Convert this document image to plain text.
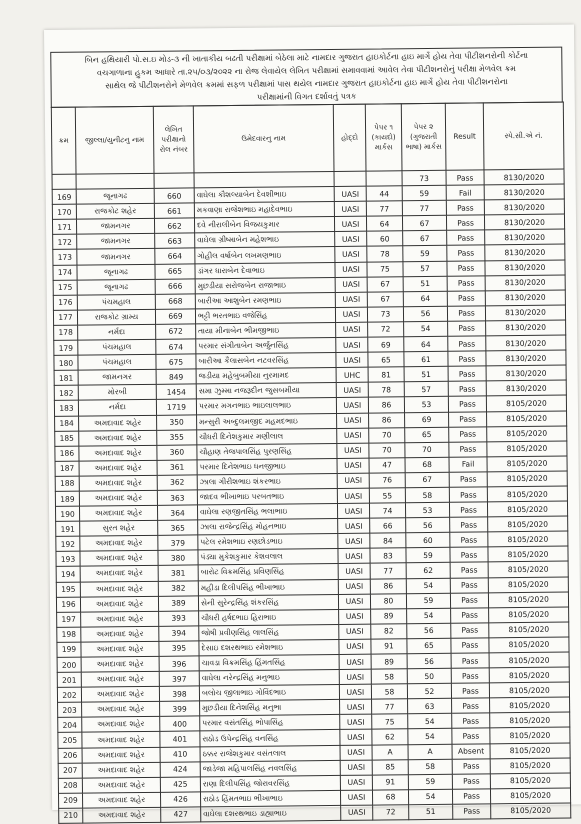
બિન હથિયારી પો.સ.ઇ મોડ-૩ ની ખાતાકીય બઢતી પરીક્ષામાં બેઠેલા માટે નામદાર ગુજરાત હાઇકોર્ટના હાઇ માર્ગે હોય તેવા પીટીશનરોની કોર્ટના
વચગાળાના હુકમ આધારે તા.૨૫/૦૩/૨૦૨૨ ના રોજ લેવાયેલ લેખિત પરીક્ષામાં સમાવવામાં આવેલ તેવા પીટીશનરોનું પરીક્ષા મેળવેલ ક્રમ
સાથેલ જે પીટીશનરોને મેળવેલ ક્રમમાં સફળ પરીક્ષામાં પાસ થયેલ નામદાર ગુજરાત હાઇકોર્ટના હાઇ માર્ગે હોય તેવા પીટીશનરોના
પરીક્ષામાંની વિગત દર્શાવતું પત્રક
ક્રમ	જીલ્લા/યુનીટનુ નામ	લેખિત પરીક્ષાનો રોલ નંબર	ઉમેદવારનુ નામ	હોદ્દો	પેપર ૧ (કાયદો) માર્કસ	પેપર ૨ (ગુજરાતી ભાષા) માર્કસ	Result	સ્પે.સી.એ નં.
						73	Pass	8130/2020
169	જૂનાગઢ	660	વાઘેલા કૌશલ્યાબેન દેવશીભાઇ	UASI	44	59	Fail	8130/2020
170	રાજકોટ શહેર	661	મકવાણા રાજેશભાઇ મહાદેવભાઇ	UASI	77	77	Pass	8130/2020
171	જામનગર	662	દવે નીરાલીબેન વિજયકુમાર	UASI	64	67	Pass	8130/2020
172	જામનગર	663	વાઘેલા ગ્રીષ્માબેન મહેશભાઇ	UASI	60	67	Pass	8130/2020
173	જામનગર	664	ગોહીલ વર્ષાબેન લખમણભાઇ	UASI	78	59	Pass	8130/2020
174	જૂનાગઢ	665	ડાંગર ધારાબેન દેવાભાઇ	UASI	75	57	Pass	8130/2020
175	જૂનાગઢ	666	મુછડીયા સરોજબેન રાજાભાઇ	UASI	67	51	Pass	8130/2020
176	પંચમહાલ	668	બારીઆ આશુબેન રમણભાઇ	UASI	67	64	Pass	8130/2020
177	રાજકોટ ગ્રામ્ય	669	ભટ્ટી ભરતભાઇ વજેસિંહ	UASI	73	56	Pass	8130/2020
178	નર્મદા	672	તાયા મીનાબેન ભીમજીભાઇ	UASI	72	54	Pass	8130/2020
179	પંચમહાલ	674	પરમાર સંગીતાબેન અર્જુનસિંહ	UASI	69	64	Pass	8130/2020
180	પંચમહાલ	675	બારીઆ કૈલાસબેન નટવરસિંહ	UASI	65	61	Pass	8130/2020
181	જામનગર	849	જડીયા મહેબુબમીયા નુરમામદ	UHC	81	51	Pass	8130/2020
182	મોરબી	1454	સમા ઝુમ્મા નજરૂદીન જુસબમીયા	UASI	78	57	Pass	8130/2020
183	નર્મદા	1719	પરમાર મગનભાઇ ભાઇલાલભાઇ	UASI	86	53	Pass	8105/2020
184	અમદાવાદ શહેર	350	મન્સુરી અબ્દુલમજીદ મહમદભાઇ	UASI	86	69	Pass	8105/2020
185	અમદાવાદ શહેર	355	ચૌધરી દિનેશકુમાર મણીલાલ	UASI	70	65	Pass	8105/2020
186	અમદાવાદ શહેર	360	ચૌહાણ તેજપાલસિંહ પુરણસિંહ	UASI	70	70	Pass	8105/2020
187	અમદાવાદ શહેર	361	પરમાર દિનેશભાઇ ધનજીભાઇ	UASI	47	68	Fail	8105/2020
188	અમદાવાદ શહેર	362	ઝાલા ગીરીશભાઇ શંકરભાઇ	UASI	76	67	Pass	8105/2020
189	અમદાવાદ શહેર	363	જાદવ ભીખાભાઇ પરબતભાઇ	UASI	55	58	Pass	8105/2020
190	અમદાવાદ શહેર	364	વાઘેલા રણજીતસિંહ ભલાભાઇ	UASI	74	53	Pass	8105/2020
191	સુરત શહેર	365	ઝાલા રાજેન્દ્રસિંહ મોહનભાઇ	UASI	66	56	Pass	8105/2020
192	અમદાવાદ શહેર	379	પટેલ રમેશભાઇ રણછોડભાઇ	UASI	84	60	Pass	8105/2020
193	અમદાવાદ શહેર	380	પંડ્યા મુકેશકુમાર કેશવલાલ	UASI	83	59	Pass	8105/2020
194	અમદાવાદ શહેર	381	બારોટ વિક્રમસિંહ પ્રવિણસિંહ	UASI	77	62	Pass	8105/2020
195	અમદાવાદ શહેર	382	મહીડા દિલીપસિંહ ભીખાભાઇ	UASI	86	54	Pass	8105/2020
196	અમદાવાદ શહેર	389	સેની સુરેન્દ્રસિંહ શંકરસિંહ	UASI	80	59	Pass	8105/2020
197	અમદાવાદ શહેર	393	ચૌધરી હર્ષદભાઇ હિરાભાઇ	UASI	89	54	Pass	8105/2020
198	અમદાવાદ શહેર	394	જોષી પ્રવીણસિંહ લાલસિંહ	UASI	82	56	Pass	8105/2020
199	અમદાવાદ શહેર	395	દેસાઇ દશરથભાઇ રમેશભાઇ	UASI	91	65	Pass	8105/2020
200	અમદાવાદ શહેર	396	ચાવડા વિક્રમસિંહ હિંમતસિંહ	UASI	89	56	Pass	8105/2020
201	અમદાવાદ શહેર	397	વાઘેલા નરેન્દ્રસિંહ મનુભાઇ	UASI	58	50	Pass	8105/2020
202	અમદાવાદ શહેર	398	બલોચ જીલાભાઇ ગોવિંદભાઇ	UASI	58	52	Pass	8105/2020
203	અમદાવાદ શહેર	399	મુછડીયા દિનેશસિંહ મનુભા	UASI	77	63	Pass	8105/2020
204	અમદાવાદ શહેર	400	પરમાર વસંતસિંહ ભોપાસિંહ	UASI	75	54	Pass	8105/2020
205	અમદાવાદ શહેર	401	રાઠોડ ઉપેન્દ્રસિંહ વનસિંહ	UASI	62	54	Pass	8105/2020
206	અમદાવાદ શહેર	410	ઠક્કર રાજેશકુમાર વસંતલાલ	UASI	A	A	Absent	8105/2020
207	અમદાવાદ શહેર	424	જાડેજા મહિપાલસિંહ નવલસિંહ	UASI	85	58	Pass	8105/2020
208	અમદાવાદ શહેર	425	રાણા દિલીપસિંહ જોરાવરસિંહ	UASI	91	59	Pass	8105/2020
209	અમદાવાદ શહેર	426	રાઠોડ હિંમતભાઇ ભીખાભાઇ	UASI	68	54	Pass	8105/2020
210	અમદાવાદ શહેર	427	વાઘેલા દશરથભાઇ ડાહ્યાભાઇ	UASI	72	51	Pass	8105/2020
